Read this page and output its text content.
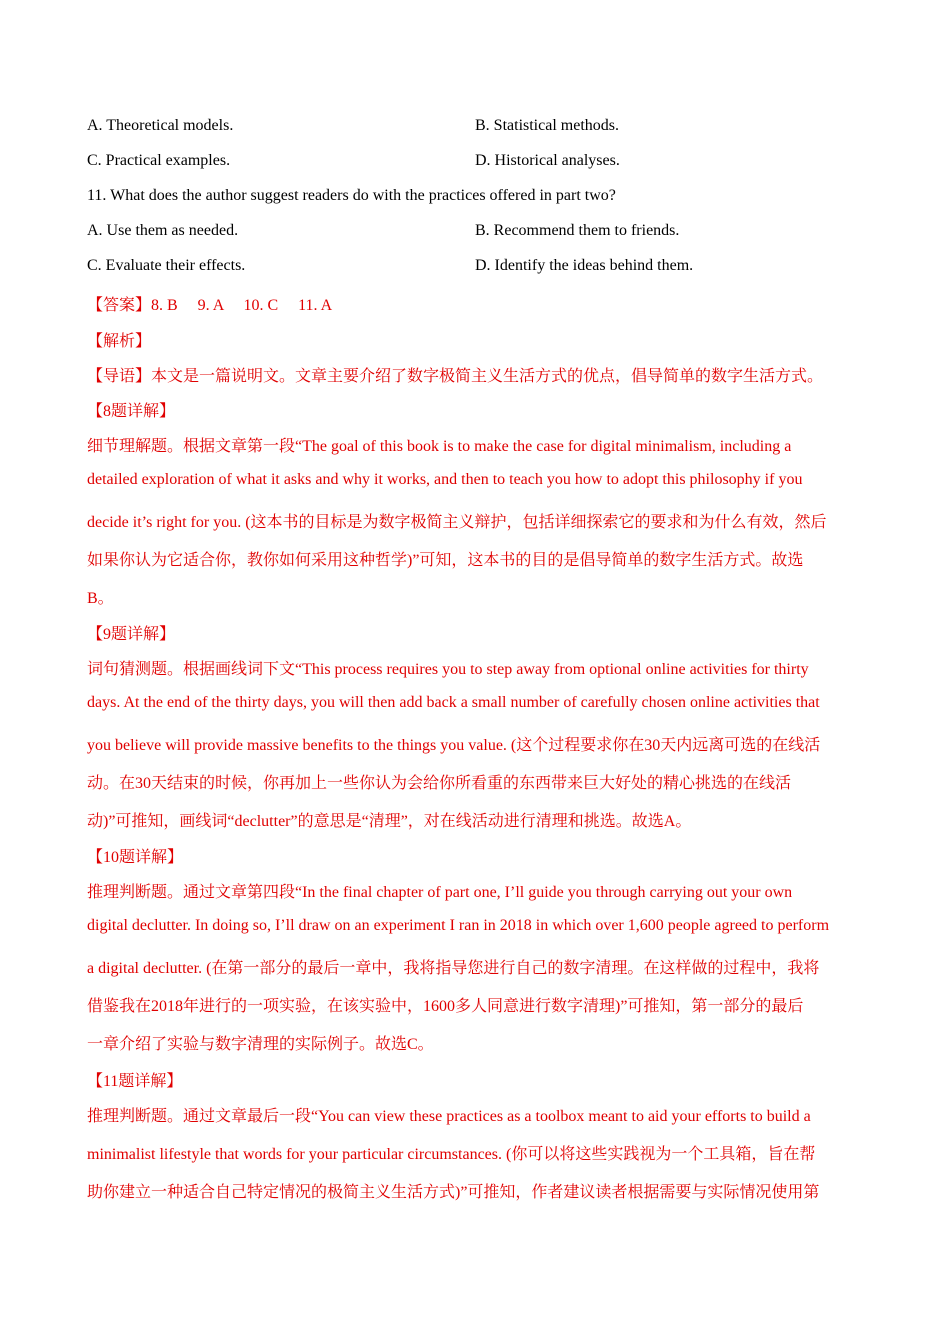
A. Theoretical models.	B. Statistical methods.
C. Practical examples.	D. Historical analyses.
11. What does the author suggest readers do with the practices offered in part two?
A. Use them as needed.	B. Recommend them to friends.
C. Evaluate their effects.	D. Identify the ideas behind them.
【答案】8. B　 9. A　 10. C　 11. A
【解析】
【导语】本文是一篇说明文。文章主要介绍了数字极简主义生活方式的优点，倡导简单的数字生活方式。
【8题详解】
细节理解题。根据文章第一段“The goal of this book is to make the case for digital minimalism, including a
detailed exploration of what it asks and why it works, and then to teach you how to adopt this philosophy if you
decide it’s right for you. (这本书的目标是为数字极简主义辩护，包括详细探索它的要求和为什么有效，然后
如果你认为它适合你，教你如何采用这种哲学)”可知，这本书的目的是倡导简单的数字生活方式。故选
B。
【9题详解】
词句猜测题。根据画线词下文“This process requires you to step away from optional online activities for thirty
days. At the end of the thirty days, you will then add back a small number of carefully chosen online activities that
you believe will provide massive benefits to the things you value. (这个过程要求你在30天内远离可选的在线活
动。在30天结束的时候，你再加上一些你认为会给你所看重的东西带来巨大好处的精心挑选的在线活
动)”可推知，画线词“declutter”的意思是“清理”，对在线活动进行清理和挑选。故选A。
【10题详解】
推理判断题。通过文章第四段“In the final chapter of part one, I’ll guide you through carrying out your own
digital declutter. In doing so, I’ll draw on an experiment I ran in 2018 in which over 1,600 people agreed to perform
a digital declutter. (在第一部分的最后一章中，我将指导您进行自己的数字清理。在这样做的过程中，我将
借鉴我在2018年进行的一项实验，在该实验中，1600多人同意进行数字清理)”可推知，第一部分的最后
一章介绍了实验与数字清理的实际例子。故选C。
【11题详解】
推理判断题。通过文章最后一段“You can view these practices as a toolbox meant to aid your efforts to build a
minimalist lifestyle that words for your particular circumstances. (你可以将这些实践视为一个工具箱，旨在帮
助你建立一种适合自己特定情况的极简主义生活方式)”可推知，作者建议读者根据需要与实际情况使用第
